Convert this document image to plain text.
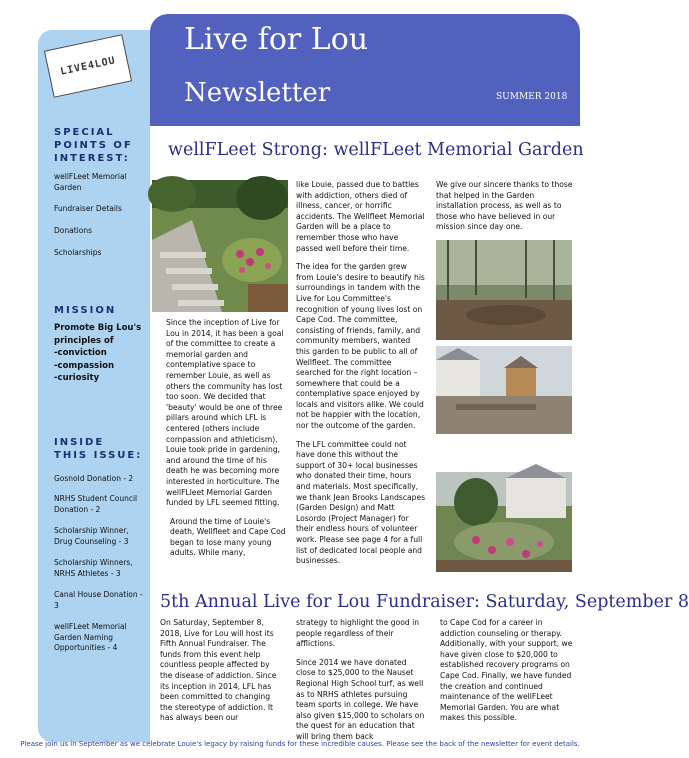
Live for Lou
Newsletter	SUMMER 2018
LIVE4LOU
SPECIAL
POINTS OF
INTEREST:
wellFLeet Memorial Garden
Fundraiser Details
Donations
Scholarships
MISSION
Promote Big Lou's principles of
-conviction
-compassion
-curiosity
INSIDE
THIS ISSUE:
Gosnold Donation - 2
NRHS Student Council Donation - 2
Scholarship Winner, Drug Counseling - 3
Scholarship Winners, NRHS Athletes - 3
Canal House Donation - 3
wellFLeet Memorial Garden Naming Opportunities - 4
wellFLeet Strong: wellFLeet Memorial Garden

Since the inception of Live for Lou in 2014, it has been a goal of the committee to create a memorial garden and contemplative space to remember Louie, as well as others the community has lost too soon. We decided that 'beauty' would be one of three pillars around which LFL is centered (others include compassion and athleticism). Louie took pride in gardening, and around the time of his death he was becoming more interested in horticulture. The wellFLleet Memorial Garden funded by LFL seemed fitting.

Around the time of Louie's death, Wellfleet and Cape Cod began to lose many young adults. While many,

like Louie, passed due to battles with addiction, others died of illness, cancer, or horrific accidents. The Wellfleet Memorial Garden will be a place to remember those who have passed well before their time.

The idea for the garden grew from Louie's desire to beautify his surroundings in tandem with the Live for Lou Committee's recognition of young lives lost on Cape Cod. The committee, consisting of friends, family, and community members, wanted this garden to be public to all of Wellfleet. The committee searched for the right location – somewhere that could be a contemplative space enjoyed by locals and visitors alike. We could not be happier with the location, nor the outcome of the garden.

The LFL committee could not have done this without the support of 30+ local businesses who donated their time, hours and materials. Most specifically, we thank Jean Brooks Landscapes (Garden Design) and Matt Losordo (Project Manager) for their endless hours of volunteer work. Please see page 4 for a full list of dedicated local people and businesses.

We give our sincere thanks to those that helped in the Garden installation process, as well as to those who have believed in our mission since day one.

5th Annual Live for Lou Fundraiser: Saturday, September 8

On Saturday, September 8, 2018, Live for Lou will host its Fifth Annual Fundraiser. The funds from this event help countless people affected by the disease of addiction. Since its inception in 2014, LFL has been committed to changing the stereotype of addiction. It has always been our

strategy to highlight the good in people regardless of their afflictions.

Since 2014 we have donated close to $25,000 to the Nauset Regional High School turf, as well as to NRHS athletes pursuing team sports in college. We have also given $15,000 to scholars on the quest for an education that will bring them back

to Cape Cod for a career in addiction counseling or therapy. Additionally, with your support, we have given close to $20,000 to established recovery programs on Cape Cod. Finally, we have funded the creation and continued maintenance of the wellFLeet Memorial Garden. You are what makes this possible.

Please join us in September as we celebrate Louie's legacy by raising funds for these incredible causes. Please see the back of the newsletter for event details.
